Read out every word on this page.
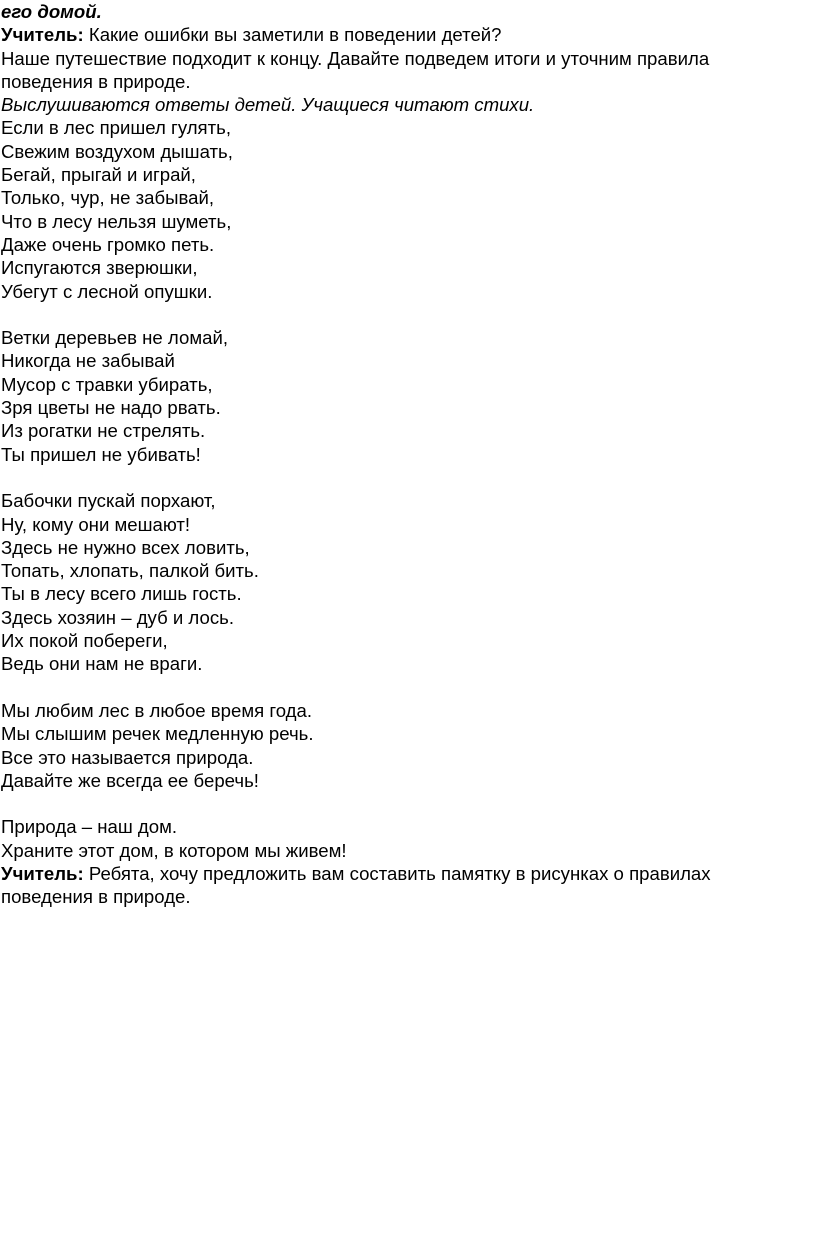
его домой.
Учитель: Какие ошибки вы заметили в поведении детей?
Наше путешествие подходит к концу. Давайте подведем итоги и уточним правила
поведения в природе.
Выслушиваются ответы детей. Учащиеся читают стихи.
Если в лес пришел гулять,
Свежим воздухом дышать,
Бегай, прыгай и играй,
Только, чур, не забывай,
Что в лесу нельзя шуметь,
Даже очень громко петь.
Испугаются зверюшки,
Убегут с лесной опушки.
Ветки деревьев не ломай,
Никогда не забывай
Мусор с травки убирать,
Зря цветы не надо рвать.
Из рогатки не стрелять.
Ты пришел не убивать!
Бабочки пускай порхают,
Ну, кому они мешают!
Здесь не нужно всех ловить,
Топать, хлопать, палкой бить.
Ты в лесу всего лишь гость.
Здесь хозяин – дуб и лось.
Их покой побереги,
Ведь они нам не враги.
Мы любим лес в любое время года.
Мы слышим речек медленную речь.
Все это называется природа.
Давайте же всегда ее беречь!
Природа – наш дом.
Храните этот дом, в котором мы живем!
Учитель: Ребята, хочу предложить вам составить памятку в рисунках о правилах
поведения в природе.
